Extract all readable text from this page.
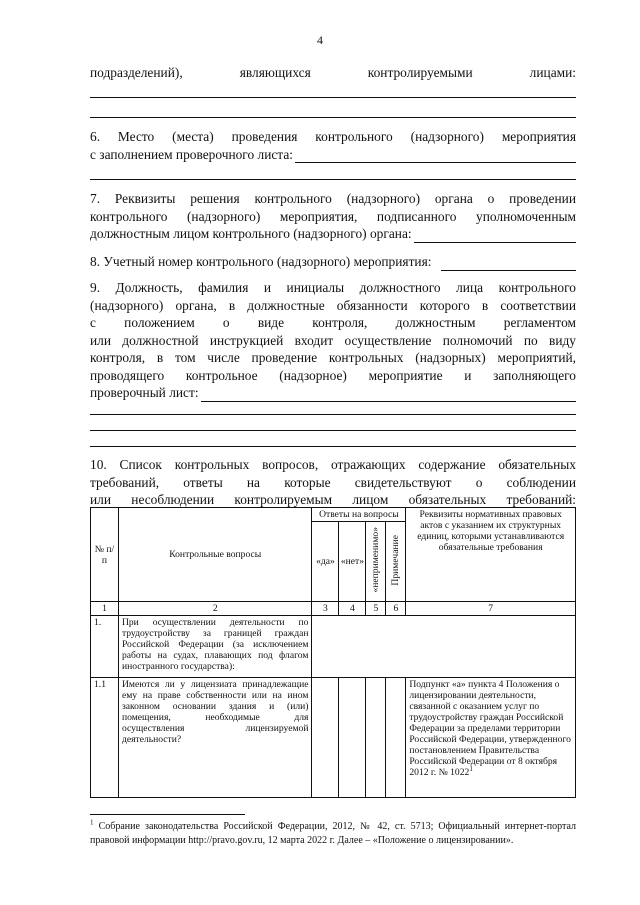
4
подразделений), являющихся контролируемыми лицами:
6. Место (места) проведения контрольного (надзорного) мероприятия
с заполнением проверочного листа:
7. Реквизиты решения контрольного (надзорного) органа о проведении
контрольного (надзорного) мероприятия, подписанного уполномоченным
должностным лицом контрольного (надзорного) органа:
8. Учетный номер контрольного (надзорного) мероприятия:
9. Должность, фамилия и инициалы должностного лица контрольного
(надзорного) органа, в должностные обязанности которого в соответствии
с положением о виде контроля, должностным регламентом
или должностной инструкцией входит осуществление полномочий по виду
контроля, в том числе проведение контрольных (надзорных) мероприятий,
проводящего контрольное (надзорное) мероприятие и заполняющего
проверочный лист:
10. Список контрольных вопросов, отражающих содержание обязательных
требований, ответы на которые свидетельствуют о соблюдении
или несоблюдении контролируемым лицом обязательных требований:
№ п/п	Контрольные вопросы	Ответы на вопросы				Реквизиты нормативных правовых актов с указанием их структурных единиц, которыми устанавливаются обязательные требования
		«да»	«нет»	«неприменимо»	Примечание	
1	2	3	4	5	6	7
1.	При осуществлении деятельности по трудоустройству за границей граждан Российской Федерации (за исключением работы на судах, плавающих под флагом иностранного государства):					
1.1	Имеются ли у лицензиата принадлежащие ему на праве собственности или на ином законном основании здания и (или) помещения, необходимые для осуществления лицензируемой деятельности?					Подпункт «а» пункта 4 Положения о лицензировании деятельности, связанной с оказанием услуг по трудоустройству граждан Российской Федерации за пределами территории Российской Федерации, утвержденного постановлением Правительства Российской Федерации от 8 октября 2012 г. № 1022$^1$
$^1$ Собрание законодательства Российской Федерации, 2012, № 42, ст. 5713; Официальный интернет-портал правовой информации http://pravo.gov.ru, 12 марта 2022 г. Далее – «Положение о лицензировании».
